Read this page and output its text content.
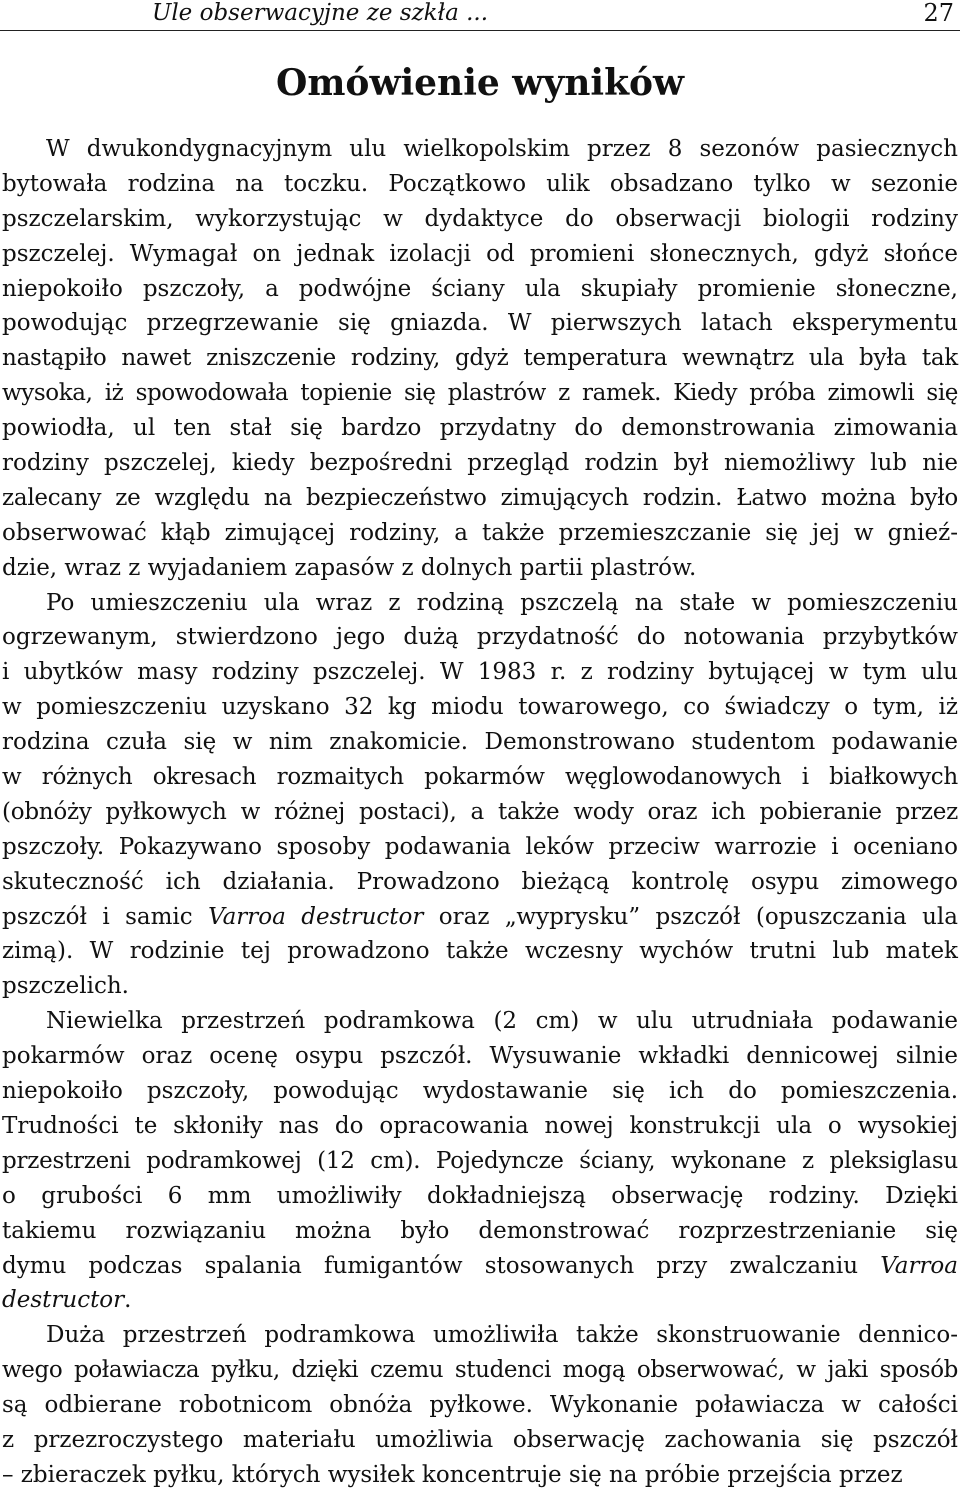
Ule obserwacyjne ze szkła ...	27
Omówienie wyników
W dwukondygnacyjnym ulu wielkopolskim przez 8 sezonów pasiecznych
bytowała rodzina na toczku. Początkowo ulik obsadzano tylko w sezonie
pszczelarskim, wykorzystując w dydaktyce do obserwacji biologii rodziny
pszczelej. Wymagał on jednak izolacji od promieni słonecznych, gdyż słońce
niepokoiło pszczoły, a podwójne ściany ula skupiały promienie słoneczne,
powodując przegrzewanie się gniazda. W pierwszych latach eksperymentu
nastąpiło nawet zniszczenie rodziny, gdyż temperatura wewnątrz ula była tak
wysoka, iż spowodowała topienie się plastrów z ramek. Kiedy próba zimowli się
powiodła, ul ten stał się bardzo przydatny do demonstrowania zimowania
rodziny pszczelej, kiedy bezpośredni przegląd rodzin był niemożliwy lub nie
zalecany ze względu na bezpieczeństwo zimujących rodzin. Łatwo można było
obserwować kłąb zimującej rodziny, a także przemieszczanie się jej w gnieź-
dzie, wraz z wyjadaniem zapasów z dolnych partii plastrów.
Po umieszczeniu ula wraz z rodziną pszczelą na stałe w pomieszczeniu
ogrzewanym, stwierdzono jego dużą przydatność do notowania przybytków
i ubytków masy rodziny pszczelej. W 1983 r. z rodziny bytującej w tym ulu
w pomieszczeniu uzyskano 32 kg miodu towarowego, co świadczy o tym, iż
rodzina czuła się w nim znakomicie. Demonstrowano studentom podawanie
w różnych okresach rozmaitych pokarmów węglowodanowych i białkowych
(obnóży pyłkowych w różnej postaci), a także wody oraz ich pobieranie przez
pszczoły. Pokazywano sposoby podawania leków przeciw warrozie i oceniano
skuteczność ich działania. Prowadzono bieżącą kontrolę osypu zimowego
pszczół i samic Varroa destructor oraz „wyprysku” pszczół (opuszczania ula
zimą). W rodzinie tej prowadzono także wczesny wychów trutni lub matek
pszczelich.
Niewielka przestrzeń podramkowa (2 cm) w ulu utrudniała podawanie
pokarmów oraz ocenę osypu pszczół. Wysuwanie wkładki dennicowej silnie
niepokoiło pszczoły, powodując wydostawanie się ich do pomieszczenia.
Trudności te skłoniły nas do opracowania nowej konstrukcji ula o wysokiej
przestrzeni podramkowej (12 cm). Pojedyncze ściany, wykonane z pleksiglasu
o grubości 6 mm umożliwiły dokładniejszą obserwację rodziny. Dzięki
takiemu rozwiązaniu można było demonstrować rozprzestrzenianie się
dymu podczas spalania fumigantów stosowanych przy zwalczaniu Varroa
destructor.
Duża przestrzeń podramkowa umożliwiła także skonstruowanie dennico-
wego poławiacza pyłku, dzięki czemu studenci mogą obserwować, w jaki sposób
są odbierane robotnicom obnóża pyłkowe. Wykonanie poławiacza w całości
z przezroczystego materiału umożliwia obserwację zachowania się pszczół
– zbieraczek pyłku, których wysiłek koncentruje się na próbie przejścia przez
